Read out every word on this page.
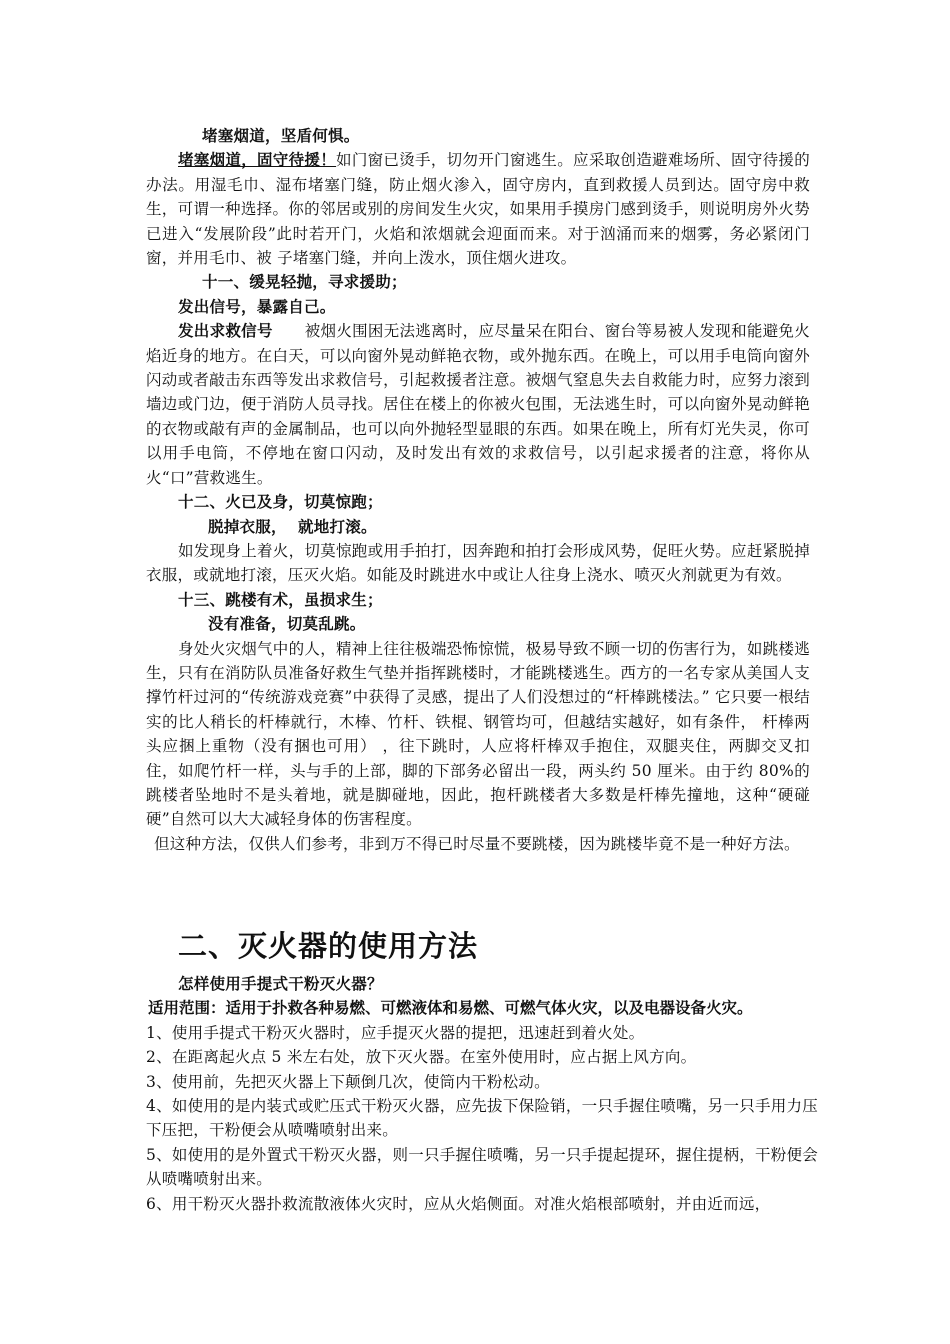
堵塞烟道，坚盾何惧。

堵塞烟道，固守待援！如门窗已烫手，切勿开门窗逃生。应采取创造避难场所、固守待援的办法。用湿毛巾、湿布堵塞门缝，防止烟火渗入，固守房内，直到救援人员到达。固守房中救生，可谓一种选择。你的邻居或别的房间发生火灾，如果用手摸房门感到烫手，则说明房外火势已进入“发展阶段”此时若开门，火焰和浓烟就会迎面而来。对于汹涌而来的烟雾，务必紧闭门窗，并用毛巾、被 子堵塞门缝，并向上泼水，顶住烟火进攻。

十一、缓晃轻抛，寻求援助；

发出信号，暴露自己。

发出求救信号 被烟火围困无法逃离时，应尽量呆在阳台、窗台等易被人发现和能避免火焰近身的地方。在白天，可以向窗外晃动鲜艳衣物，或外抛东西。在晚上，可以用手电筒向窗外闪动或者敲击东西等发出求救信号，引起救援者注意。被烟气窒息失去自救能力时，应努力滚到墙边或门边，便于消防人员寻找。居住在楼上的你被火包围，无法逃生时，可以向窗外晃动鲜艳的衣物或敲有声的金属制品，也可以向外抛轻型显眼的东西。如果在晚上，所有灯光失灵，你可以用手电筒，不停地在窗口闪动，及时发出有效的求救信号，以引起求援者的注意，将你从火“口”营救逃生。

十二、火已及身，切莫惊跑；

脱掉衣服，  就地打滚。

如发现身上着火，切莫惊跑或用手拍打，因奔跑和拍打会形成风势，促旺火势。应赶紧脱掉衣服，或就地打滚，压灭火焰。如能及时跳进水中或让人往身上浇水、喷灭火剂就更为有效。

十三、跳楼有术，虽损求生；

没有准备，切莫乱跳。

身处火灾烟气中的人，精神上往往极端恐怖惊慌，极易导致不顾一切的伤害行为，如跳楼逃生，只有在消防队员准备好救生气垫并指挥跳楼时，才能跳楼逃生。西方的一名专家从美国人支撑竹杆过河的“传统游戏竞赛”中获得了灵感，提出了人们没想过的“杆棒跳楼法。” 它只要一根结实的比人稍长的杆棒就行，木棒、竹杆、铁棍、钢管均可，但越结实越好，如有条件， 杆棒两头应捆上重物（没有捆也可用） ，往下跳时，人应将杆棒双手抱住，双腿夹住，两脚交叉扣住，如爬竹杆一样，头与手的上部，脚的下部务必留出一段，两头约 50 厘米。由于约 80%的跳楼者坠地时不是头着地，就是脚碰地，因此，抱杆跳楼者大多数是杆棒先撞地，这种“硬碰硬”自然可以大大减轻身体的伤害程度。

但这种方法，仅供人们参考，非到万不得已时尽量不要跳楼，因为跳楼毕竟不是一种好方法。

二、灭火器的使用方法

怎样使用手提式干粉灭火器？

适用范围：适用于扑救各种易燃、可燃液体和易燃、可燃气体火灾，以及电器设备火灾。

1、使用手提式干粉灭火器时，应手提灭火器的提把，迅速赶到着火处。

2、在距离起火点 5 米左右处，放下灭火器。在室外使用时，应占据上风方向。

3、使用前，先把灭火器上下颠倒几次，使筒内干粉松动。

4、如使用的是内装式或贮压式干粉灭火器，应先拔下保险销，一只手握住喷嘴，另一只手用力压下压把，干粉便会从喷嘴喷射出来。

5、如使用的是外置式干粉灭火器，则一只手握住喷嘴，另一只手提起提环，握住提柄，干粉便会从喷嘴喷射出来。

6、用干粉灭火器扑救流散液体火灾时，应从火焰侧面。对准火焰根部喷射，并由近而远，
